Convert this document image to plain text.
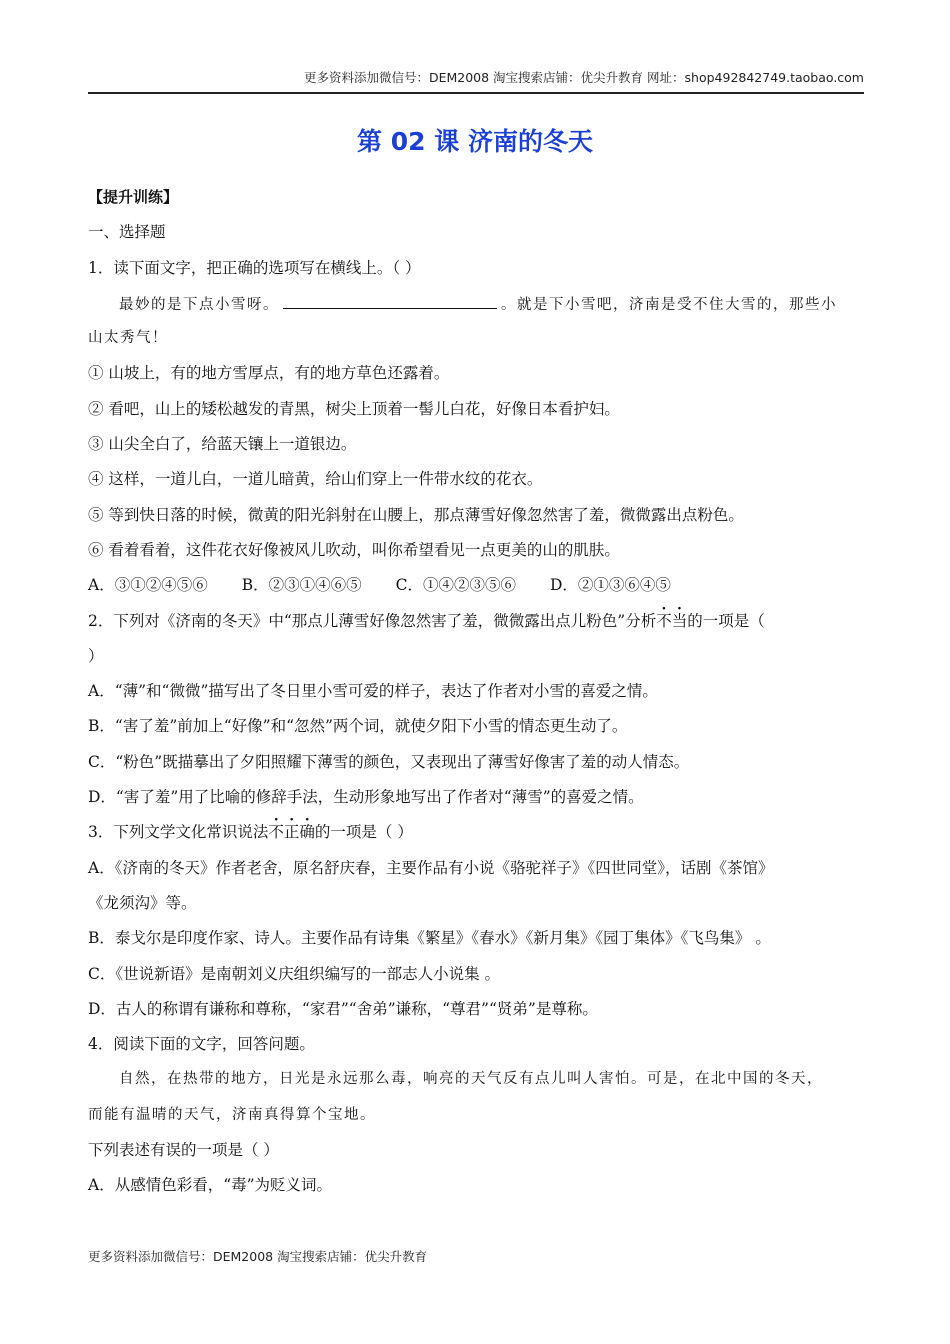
更多资料添加微信号：DEM2008 淘宝搜索店铺：优尖升教育 网址：shop492842749.taobao.com
第 02 课 济南的冬天
【提升训练】
一、选择题
1．读下面文字，把正确的选项写在横线上。（ ）
最妙的是下点小雪呀。	。就是下小雪吧，济南是受不住大雪的，那些小
山太秀气！
① 山坡上，有的地方雪厚点，有的地方草色还露着。
② 看吧，山上的矮松越发的青黑，树尖上顶着一髻儿白花，好像日本看护妇。
③ 山尖全白了，给蓝天镶上一道银边。
④ 这样，一道儿白，一道儿暗黄，给山们穿上一件带水纹的花衣。
⑤ 等到快日落的时候，微黄的阳光斜射在山腰上，那点薄雪好像忽然害了羞，微微露出点粉色。
⑥ 看着看着，这件花衣好像被风儿吹动，叫你希望看见一点更美的山的肌肤。
A．③①②④⑤⑥ B．②③①④⑥⑤ C．①④②③⑤⑥ D．②①③⑥④⑤
2．下列对《济南的冬天》中“那点儿薄雪好像忽然害了羞，微微露出点儿粉色”分析不当的一项是（
）
A．“薄”和“微微”描写出了冬日里小雪可爱的样子，表达了作者对小雪的喜爱之情。
B．“害了羞”前加上“好像”和“忽然”两个词，就使夕阳下小雪的情态更生动了。
C．“粉色”既描摹出了夕阳照耀下薄雪的颜色，又表现出了薄雪好像害了羞的动人情态。
D．“害了羞”用了比喻的修辞手法，生动形象地写出了作者对“薄雪”的喜爱之情。
3．下列文学文化常识说法不正确的一项是（ ）
A．《济南的冬天》作者老舍，原名舒庆春，主要作品有小说《骆驼祥子》《四世同堂》，话剧《茶馆》
《龙须沟》等。
B．泰戈尔是印度作家、诗人。主要作品有诗集《繁星》《春水》《新月集》《园丁集体》《飞鸟集》 。
C．《世说新语》是南朝刘义庆组织编写的一部志人小说集 。
D．古人的称谓有谦称和尊称，“家君”“舍弟”谦称，“尊君”“贤弟”是尊称。
4．阅读下面的文字，回答问题。
自然，在热带的地方，日光是永远那么毒，响亮的天气反有点儿叫人害怕。可是，在北中国的冬天，
而能有温晴的天气，济南真得算个宝地。
下列表述有误的一项是（ ）
A．从感情色彩看，“毒”为贬义词。
更多资料添加微信号：DEM2008 淘宝搜索店铺：优尖升教育
